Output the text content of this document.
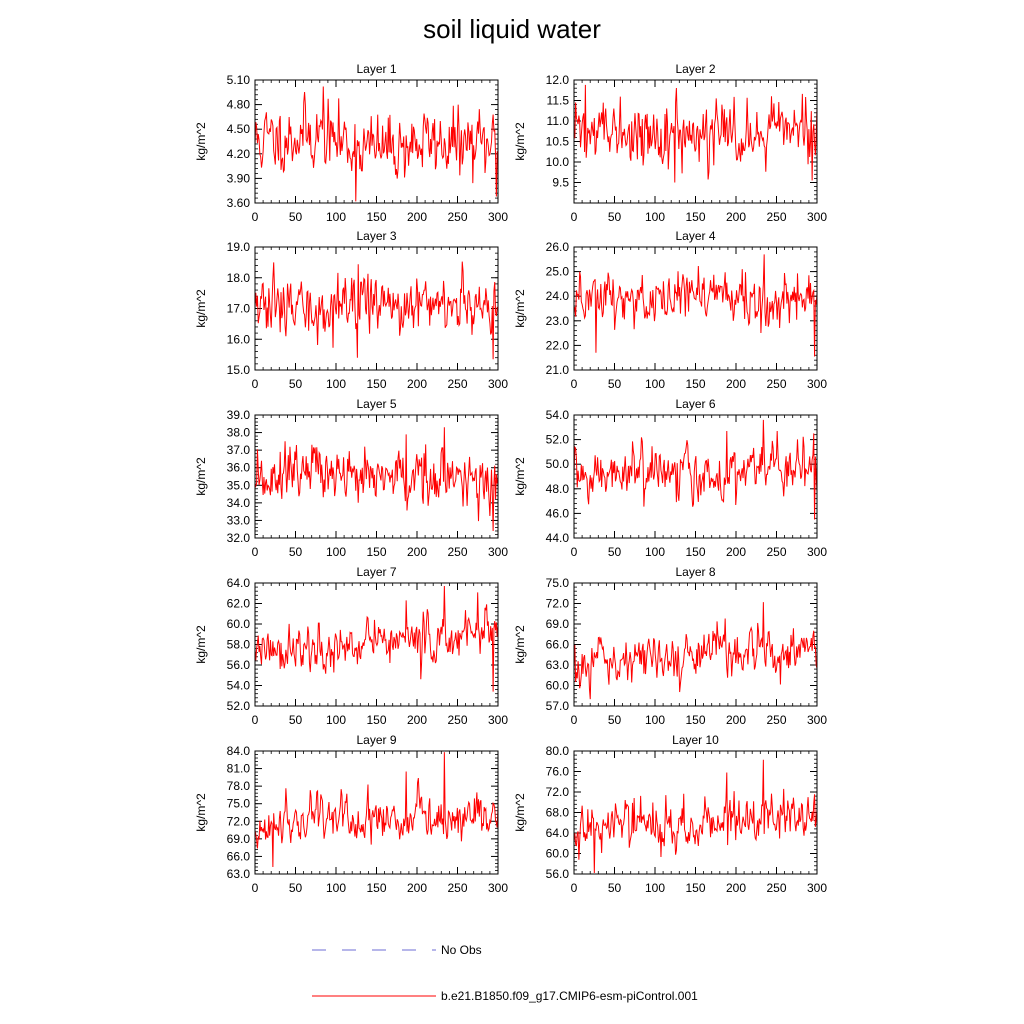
soil liquid water
Layer 1
kg/m^2
0	50 100 150 200 250 300
3.60
3.90
4.20
4.50
4.80
5.10
Layer 2
kg/m^2
0	50 100 150 200 250 300
9.5
10.0
10.5
11.0
11.5
12.0
Layer 3
kg/m^2
0	50 100 150 200 250 300
15.0
16.0
17.0
18.0
19.0
Layer 4
kg/m^2
0	50 100 150 200 250 300
21.0
22.0
23.0
24.0
25.0
26.0
Layer 5
kg/m^2
0	50 100 150 200 250 300
32.0
33.0
34.0
35.0
36.0
37.0
38.0
39.0
Layer 6
kg/m^2
0	50 100 150 200 250 300
44.0
46.0
48.0
50.0
52.0
54.0
Layer 7
kg/m^2
0	50 100 150 200 250 300
52.0
54.0
56.0
58.0
60.0
62.0
64.0
Layer 8
kg/m^2
0	50 100 150 200 250 300
57.0
60.0
63.0
66.0
69.0
72.0
75.0
Layer 9
kg/m^2
0	50 100 150 200 250 300
63.0
66.0
69.0
72.0
75.0
78.0
81.0
84.0
Layer 10
kg/m^2
0	50 100 150 200 250 300
56.0
60.0
64.0
68.0
72.0
76.0
80.0
No Obs
b.e21.B1850.f09_g17.CMIP6-esm-piControl.001
